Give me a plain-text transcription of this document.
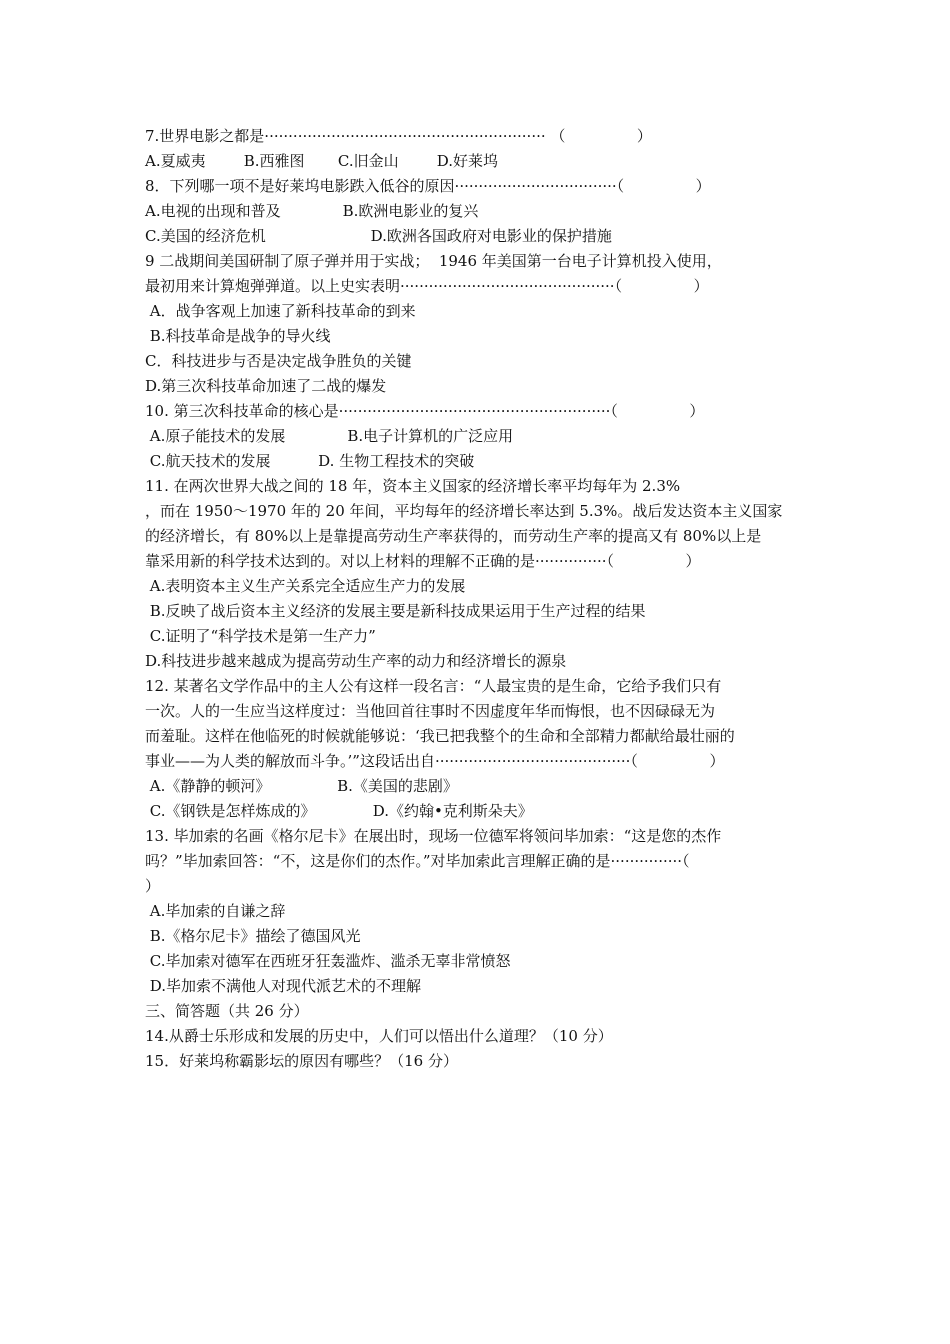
7.世界电影之都是··························································· （               ）
A.夏威夷        B.西雅图       C.旧金山        D.好莱坞
8．下列哪一项不是好莱坞电影跌入低谷的原因··································（               ）
A.电视的出现和普及             B.欧洲电影业的复兴
C.美国的经济危机                      D.欧洲各国政府对电影业的保护措施
9 二战期间美国研制了原子弹并用于实战；  1946 年美国第一台电子计算机投入使用，
最初用来计算炮弹弹道。以上史实表明·············································（               ）
A．战争客观上加速了新科技革命的到来
B.科技革命是战争的导火线
C．科技进步与否是决定战争胜负的关键
D.第三次科技革命加速了二战的爆发
10. 第三次科技革命的核心是·························································（               ）
A.原子能技术的发展             B.电子计算机的广泛应用
C.航天技术的发展          D. 生物工程技术的突破
11. 在两次世界大战之间的 18 年，资本主义国家的经济增长率平均每年为 2.3%
，而在 1950～1970 年的 20 年间，平均每年的经济增长率达到 5.3%。战后发达资本主义国家
的经济增长，有 80%以上是靠提高劳动生产率获得的，而劳动生产率的提高又有 80%以上是
靠采用新的科学技术达到的。对以上材料的理解不正确的是···············（               ）
A.表明资本主义生产关系完全适应生产力的发展
B.反映了战后资本主义经济的发展主要是新科技成果运用于生产过程的结果
C.证明了“科学技术是第一生产力”
D.科技进步越来越成为提高劳动生产率的动力和经济增长的源泉
12. 某著名文学作品中的主人公有这样一段名言：“人最宝贵的是生命，它给予我们只有
一次。人的一生应当这样度过：当他回首往事时不因虚度年华而悔恨，也不因碌碌无为
而羞耻。这样在他临死的时候就能够说：‘我已把我整个的生命和全部精力都献给最壮丽的
事业——为人类的解放而斗争。’”这段话出自·········································（               ）
A.《静静的顿河》              B.《美国的悲剧》
C.《钢铁是怎样炼成的》            D.《约翰•克利斯朵夫》
13. 毕加索的名画《格尔尼卡》在展出时，现场一位德军将领问毕加索：“这是您的杰作
吗？”毕加索回答：“不，这是你们的杰作。”对毕加索此言理解正确的是···············（
）
A.毕加索的自谦之辞
B.《格尔尼卡》描绘了德国风光
C.毕加索对德军在西班牙狂轰滥炸、滥杀无辜非常愤怒
D.毕加索不满他人对现代派艺术的不理解
三、简答题（共 26 分）
14.从爵士乐形成和发展的历史中，人们可以悟出什么道理？（10 分）
15．好莱坞称霸影坛的原因有哪些？（16 分）
